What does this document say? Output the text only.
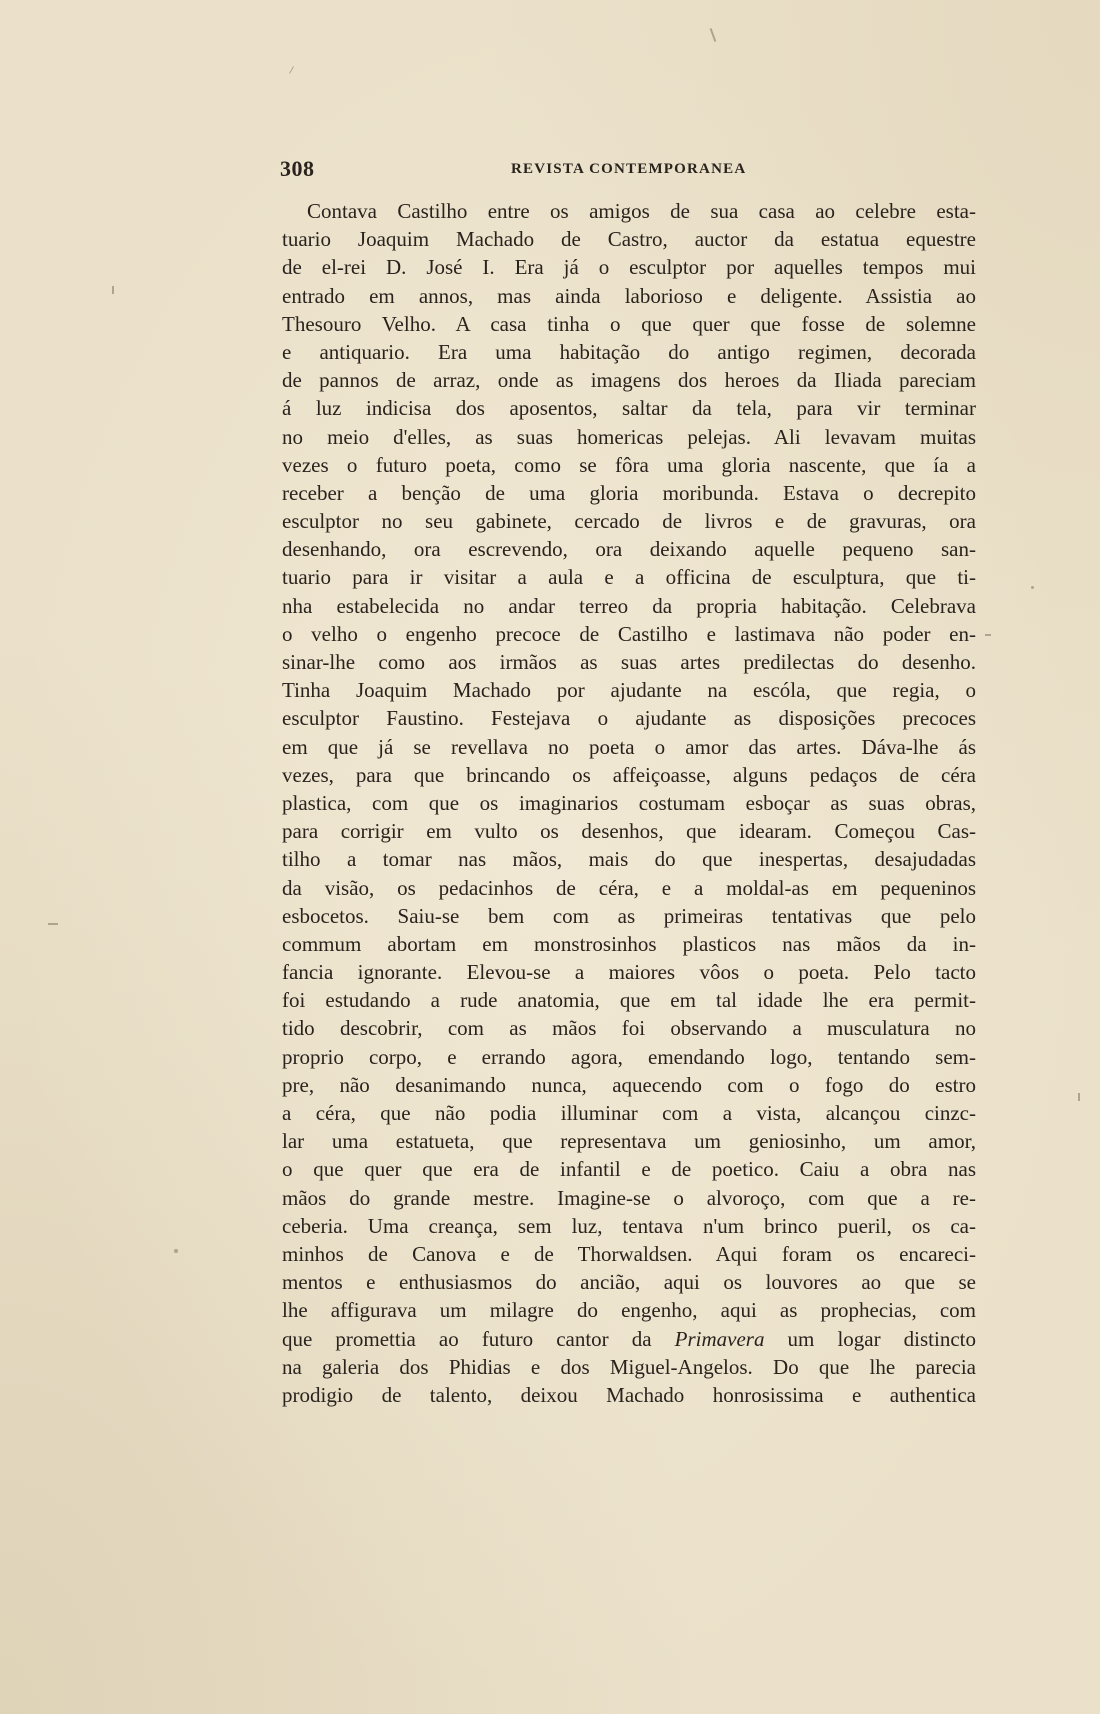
308	REVISTA CONTEMPORANEA
Contava Castilho entre os amigos de sua casa ao celebre esta-
tuario Joaquim Machado de Castro, auctor da estatua equestre
de el-rei D. José I. Era já o esculptor por aquelles tempos mui
entrado em annos, mas ainda laborioso e deligente. Assistia ao
Thesouro Velho. A casa tinha o que quer que fosse de solemne
e antiquario. Era uma habitação do antigo regimen, decorada
de pannos de arraz, onde as imagens dos heroes da Iliada pareciam
á luz indicisa dos aposentos, saltar da tela, para vir terminar
no meio d'elles, as suas homericas pelejas. Ali levavam muitas
vezes o futuro poeta, como se fôra uma gloria nascente, que ía a
receber a benção de uma gloria moribunda. Estava o decrepito
esculptor no seu gabinete, cercado de livros e de gravuras, ora
desenhando, ora escrevendo, ora deixando aquelle pequeno san-
tuario para ir visitar a aula e a officina de esculptura, que ti-
nha estabelecida no andar terreo da propria habitação. Celebrava
o velho o engenho precoce de Castilho e lastimava não poder en-
sinar-lhe como aos irmãos as suas artes predilectas do desenho.
Tinha Joaquim Machado por ajudante na escóla, que regia, o
esculptor Faustino. Festejava o ajudante as disposições precoces
em que já se revellava no poeta o amor das artes. Dáva-lhe ás
vezes, para que brincando os affeiçoasse, alguns pedaços de céra
plastica, com que os imaginarios costumam esboçar as suas obras,
para corrigir em vulto os desenhos, que idearam. Começou Cas-
tilho a tomar nas mãos, mais do que inespertas, desajudadas
da visão, os pedacinhos de céra, e a moldal-as em pequeninos
esbocetos. Saiu-se bem com as primeiras tentativas que pelo
commum abortam em monstrosinhos plasticos nas mãos da in-
fancia ignorante. Elevou-se a maiores vôos o poeta. Pelo tacto
foi estudando a rude anatomia, que em tal idade lhe era permit-
tido descobrir, com as mãos foi observando a musculatura no
proprio corpo, e errando agora, emendando logo, tentando sem-
pre, não desanimando nunca, aquecendo com o fogo do estro
a céra, que não podia illuminar com a vista, alcançou cinzc-
lar uma estatueta, que representava um geniosinho, um amor,
o que quer que era de infantil e de poetico. Caiu a obra nas
mãos do grande mestre. Imagine-se o alvoroço, com que a re-
ceberia. Uma creança, sem luz, tentava n'um brinco pueril, os ca-
minhos de Canova e de Thorwaldsen. Aqui foram os encareci-
mentos e enthusiasmos do ancião, aqui os louvores ao que se
lhe affigurava um milagre do engenho, aqui as prophecias, com
que promettia ao futuro cantor da Primavera um logar distincto
na galeria dos Phidias e dos Miguel-Angelos. Do que lhe parecia
prodigio de talento, deixou Machado honrosissima e authentica
